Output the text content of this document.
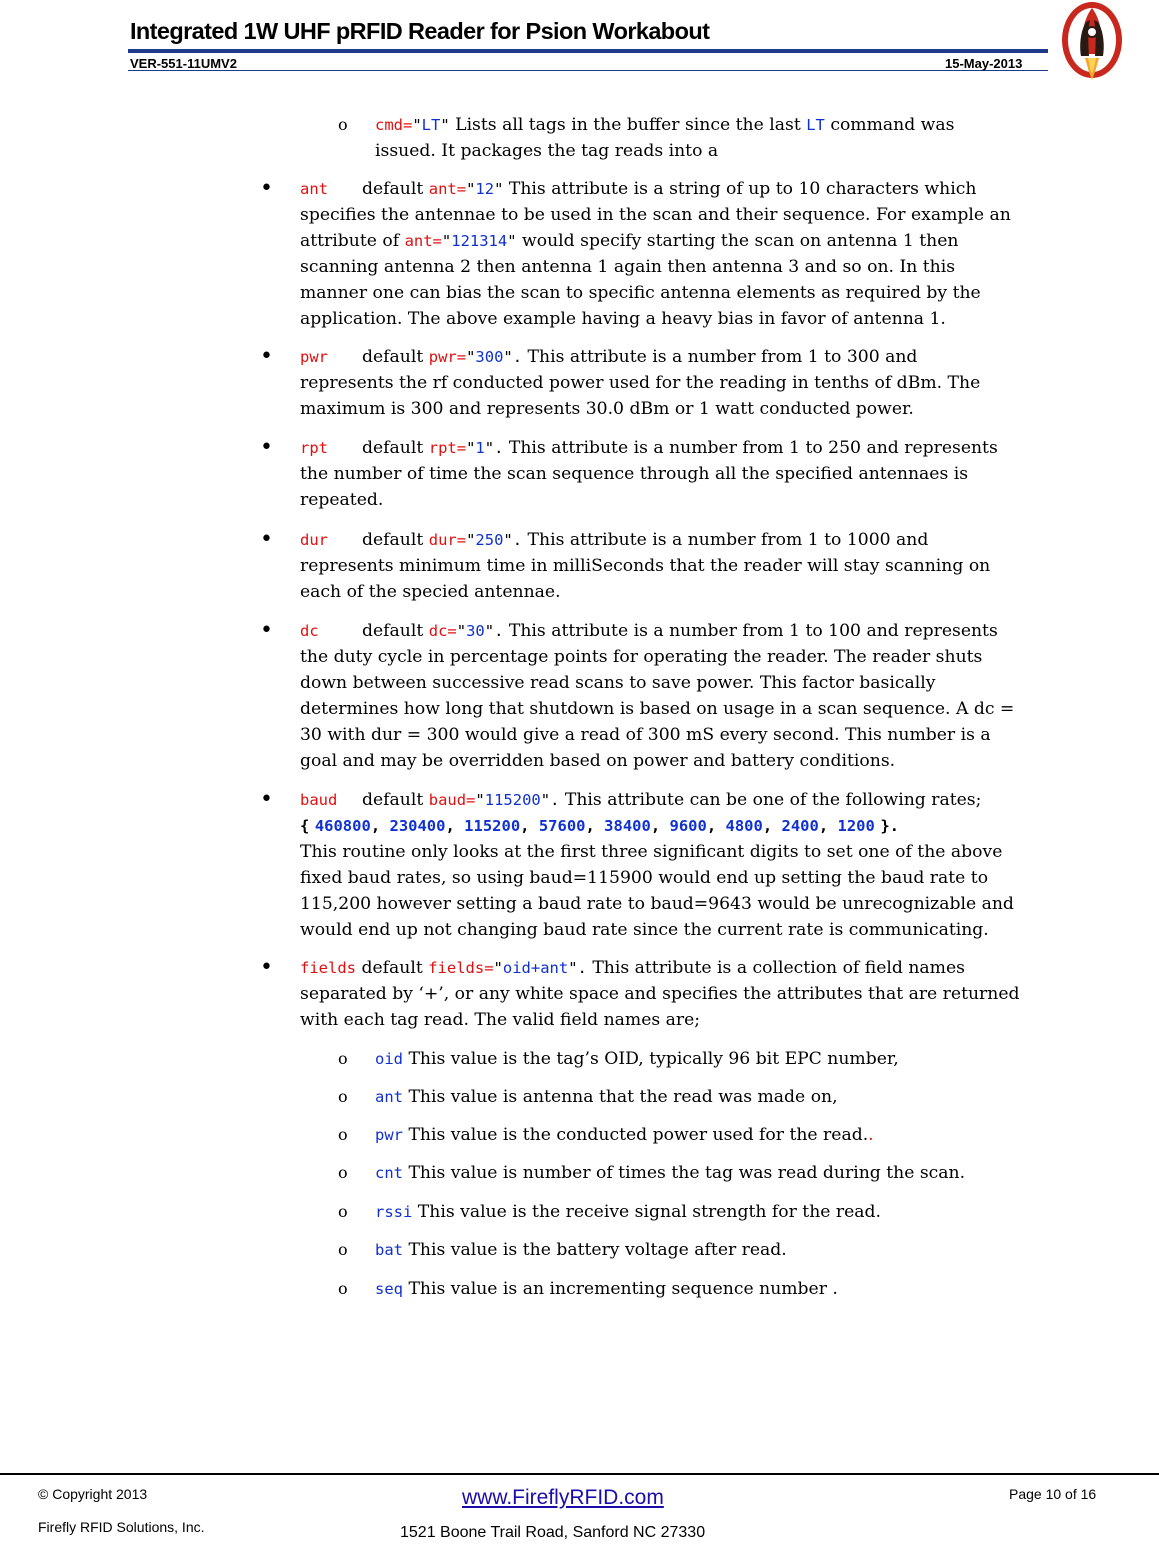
Integrated 1W UHF pRFID Reader for Psion Workabout
VER-551-11UMV2	15-May-2013
o cmd="LT" Lists all tags in the buffer since the last LT command was

issued. It packages the tag reads into a

• ant default ant="12" This attribute is a string of up to 10 characters which

specifies the antennae to be used in the scan and their sequence. For example an

attribute of ant="121314" would specify starting the scan on antenna 1 then

scanning antenna 2 then antenna 1 again then antenna 3 and so on. In this

manner one can bias the scan to specific antenna elements as required by the

application. The above example having a heavy bias in favor of antenna 1.

• pwr default pwr="300". This attribute is a number from 1 to 300 and

represents the rf conducted power used for the reading in tenths of dBm. The

maximum is 300 and represents 30.0 dBm or 1 watt conducted power.

• rpt default rpt="1". This attribute is a number from 1 to 250 and represents

the number of time the scan sequence through all the specified antennaes is

repeated.

• dur default dur="250". This attribute is a number from 1 to 1000 and

represents minimum time in milliSeconds that the reader will stay scanning on

each of the specied antennae.

• dc	default dc="30". This attribute is a number from 1 to 100 and represents

the duty cycle in percentage points for operating the reader. The reader shuts

down between successive read scans to save power. This factor basically

determines how long that shutdown is based on usage in a scan sequence. A dc =

30 with dur = 300 would give a read of 300 mS every second. This number is a

goal and may be overridden based on power and battery conditions.

• baud default baud="115200". This attribute can be one of the following rates;

{ 460800, 230400, 115200, 57600, 38400, 9600, 4800, 2400, 1200 }.

This routine only looks at the first three significant digits to set one of the above

fixed baud rates, so using baud=115900 would end up setting the baud rate to

115,200 however setting a baud rate to baud=9643 would be unrecognizable and

would end up not changing baud rate since the current rate is communicating.

• fields default fields="oid+ant". This attribute is a collection of field names

separated by ‘+’, or any white space and specifies the attributes that are returned

with each tag read. The valid field names are;

o oid This value is the tag’s OID, typically 96 bit EPC number,

o ant This value is antenna that the read was made on,

o pwr This value is the conducted power used for the read..

o cnt This value is number of times the tag was read during the scan.

o rssi This value is the receive signal strength for the read.

o bat This value is the battery voltage after read.

o seq This value is an incrementing sequence number .

© Copyright 2013
Firefly RFID Solutions, Inc.
www.FireflyRFID.com
1521 Boone Trail Road, Sanford NC 27330
Page 10 of 16
